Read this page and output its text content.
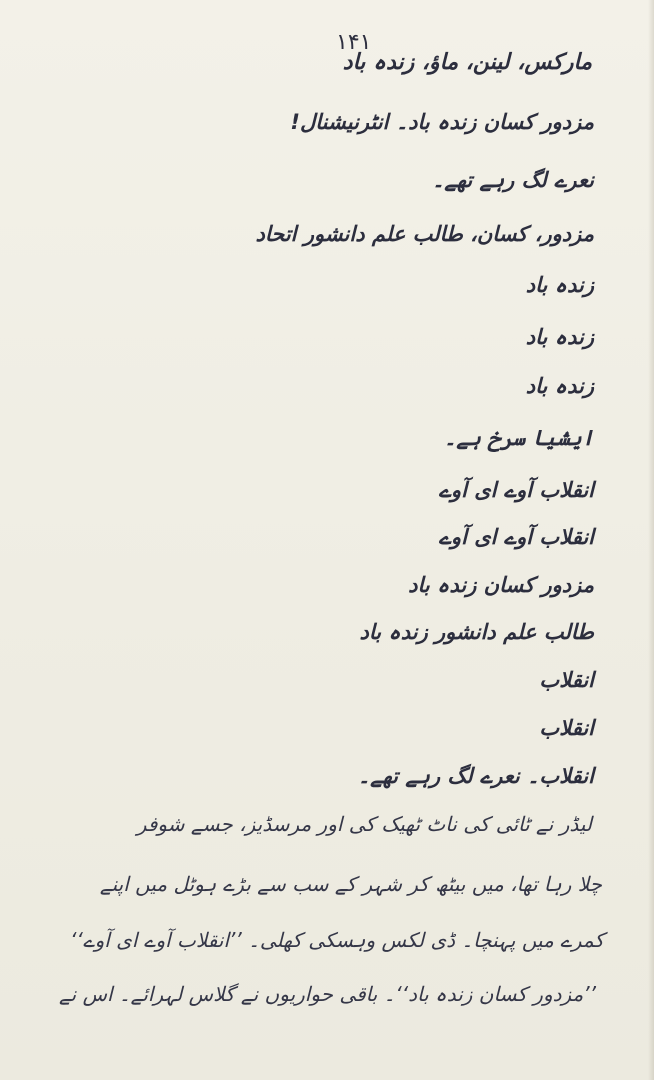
۱۴۱
مارکس، لینن، ماؤ، زندہ باد
مزدور کسان زندہ باد۔ انٹرنیشنال!
نعرے لگ رہے تھے۔
مزدور، کسان، طالب علم دانشور اتحاد
زندہ باد
زندہ باد
زندہ باد
ایشیا سرخ ہے۔
انقلاب آوے ای آوے
انقلاب آوے ای آوے
مزدور کسان زندہ باد
طالب علم دانشور زندہ باد
انقلاب
انقلاب
انقلاب۔ نعرے لگ رہے تھے۔
لیڈر نے ٹائی کی ناٹ ٹھیک کی اور مرسڈیز، جسے شوفر
چلا رہا تھا، میں بیٹھ کر شہر کے سب سے بڑے ہوٹل میں اپنے
کمرے میں پہنچا۔ ڈی لکس وہسکی کھلی۔ ’’انقلاب آوے ای آوے‘‘
’’مزدور کسان زندہ باد‘‘۔ باقی حواریوں نے گلاس لہرائے۔ اس نے
